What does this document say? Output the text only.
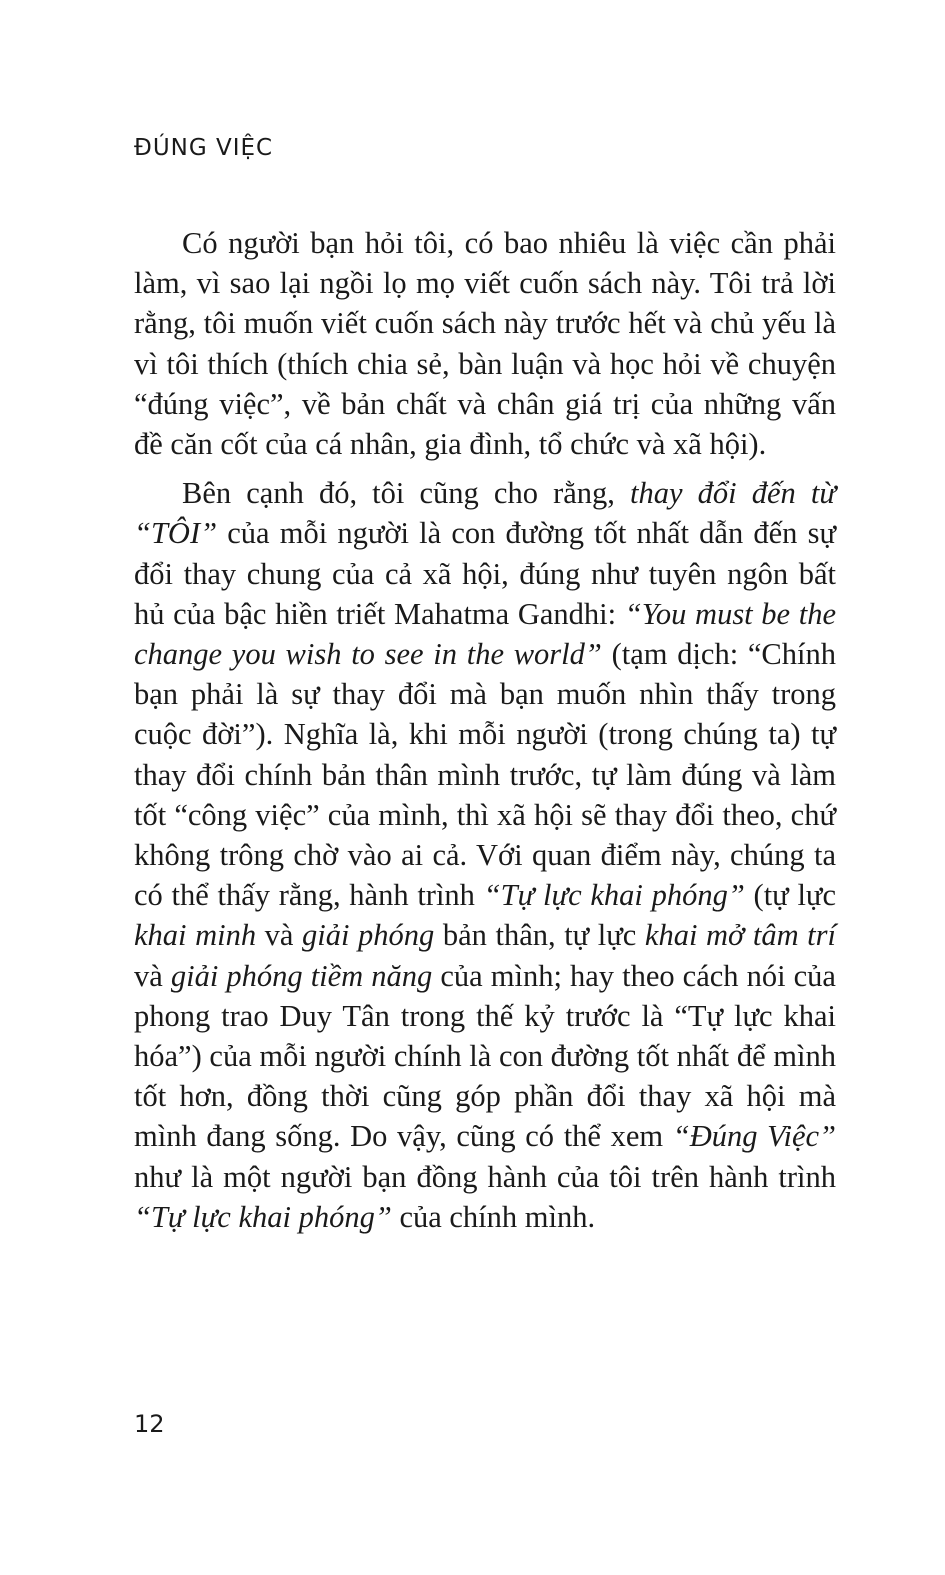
ĐÚNG VIỆC

Có người bạn hỏi tôi, có bao nhiêu là việc cần phải làm, vì sao lại ngồi lọ mọ viết cuốn sách này. Tôi trả lời rằng, tôi muốn viết cuốn sách này trước hết và chủ yếu là vì tôi thích (thích chia sẻ, bàn luận và học hỏi về chuyện “đúng việc”, về bản chất và chân giá trị của những vấn đề căn cốt của cá nhân, gia đình, tổ chức và xã hội).

Bên cạnh đó, tôi cũng cho rằng, thay đổi đến từ “TÔI” của mỗi người là con đường tốt nhất dẫn đến sự đổi thay chung của cả xã hội, đúng như tuyên ngôn bất hủ của bậc hiền triết Mahatma Gandhi: “You must be the change you wish to see in the world” (tạm dịch: “Chính bạn phải là sự thay đổi mà bạn muốn nhìn thấy trong cuộc đời”). Nghĩa là, khi mỗi người (trong chúng ta) tự thay đổi chính bản thân mình trước, tự làm đúng và làm tốt “công việc” của mình, thì xã hội sẽ thay đổi theo, chứ không trông chờ vào ai cả. Với quan điểm này, chúng ta có thể thấy rằng, hành trình “Tự lực khai phóng” (tự lực khai minh và giải phóng bản thân, tự lực khai mở tâm trí và giải phóng tiềm năng của mình; hay theo cách nói của phong trao Duy Tân trong thế kỷ trước là “Tự lực khai hóa”) của mỗi người chính là con đường tốt nhất để mình tốt hơn, đồng thời cũng góp phần đổi thay xã hội mà mình đang sống. Do vậy, cũng có thể xem “Đúng Việc” như là một người bạn đồng hành của tôi trên hành trình “Tự lực khai phóng” của chính mình.

12
